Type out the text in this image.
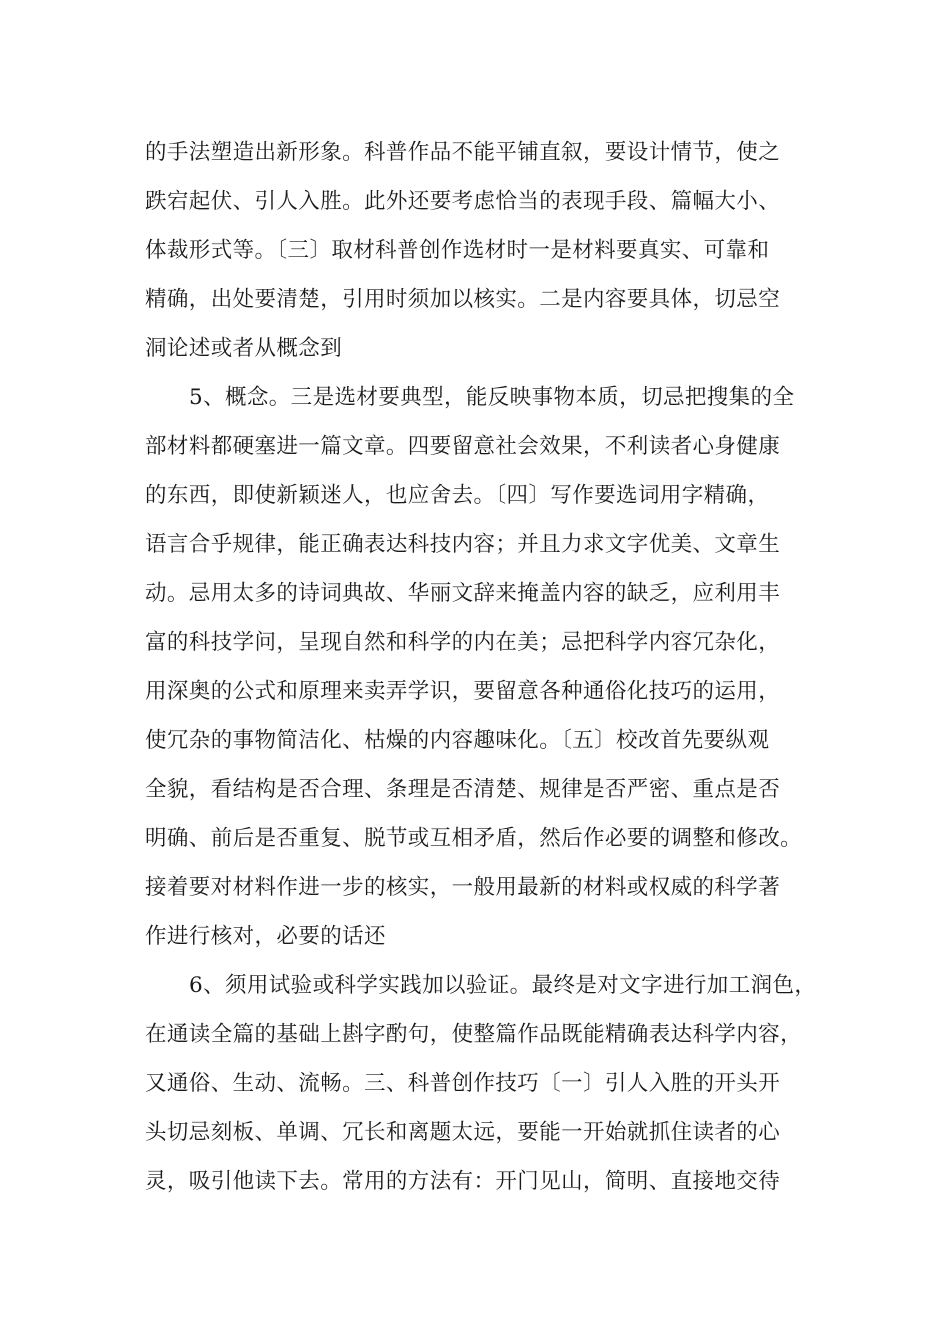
的手法塑造出新形象。科普作品不能平铺直叙，要设计情节，使之
跌宕起伏、引人入胜。此外还要考虑恰当的表现手段、篇幅大小、
体裁形式等。〔三〕取材科普创作选材时一是材料要真实、可靠和
精确，出处要清楚，引用时须加以核实。二是内容要具体，切忌空
洞论述或者从概念到
5、概念。三是选材要典型，能反映事物本质，切忌把搜集的全
部材料都硬塞进一篇文章。四要留意社会效果，不利读者心身健康
的东西，即使新颖迷人，也应舍去。〔四〕写作要选词用字精确，
语言合乎规律，能正确表达科技内容；并且力求文字优美、文章生
动。忌用太多的诗词典故、华丽文辞来掩盖内容的缺乏，应利用丰
富的科技学问，呈现自然和科学的内在美；忌把科学内容冗杂化，
用深奥的公式和原理来卖弄学识，要留意各种通俗化技巧的运用，
使冗杂的事物简洁化、枯燥的内容趣味化。〔五〕校改首先要纵观
全貌，看结构是否合理、条理是否清楚、规律是否严密、重点是否
明确、前后是否重复、脱节或互相矛盾，然后作必要的调整和修改。
接着要对材料作进一步的核实，一般用最新的材料或权威的科学著
作进行核对，必要的话还
6、须用试验或科学实践加以验证。最终是对文字进行加工润色，
在通读全篇的基础上斟字酌句，使整篇作品既能精确表达科学内容，
又通俗、生动、流畅。三、科普创作技巧〔一〕引人入胜的开头开
头切忌刻板、单调、冗长和离题太远，要能一开始就抓住读者的心
灵，吸引他读下去。常用的方法有：开门见山，简明、直接地交待
